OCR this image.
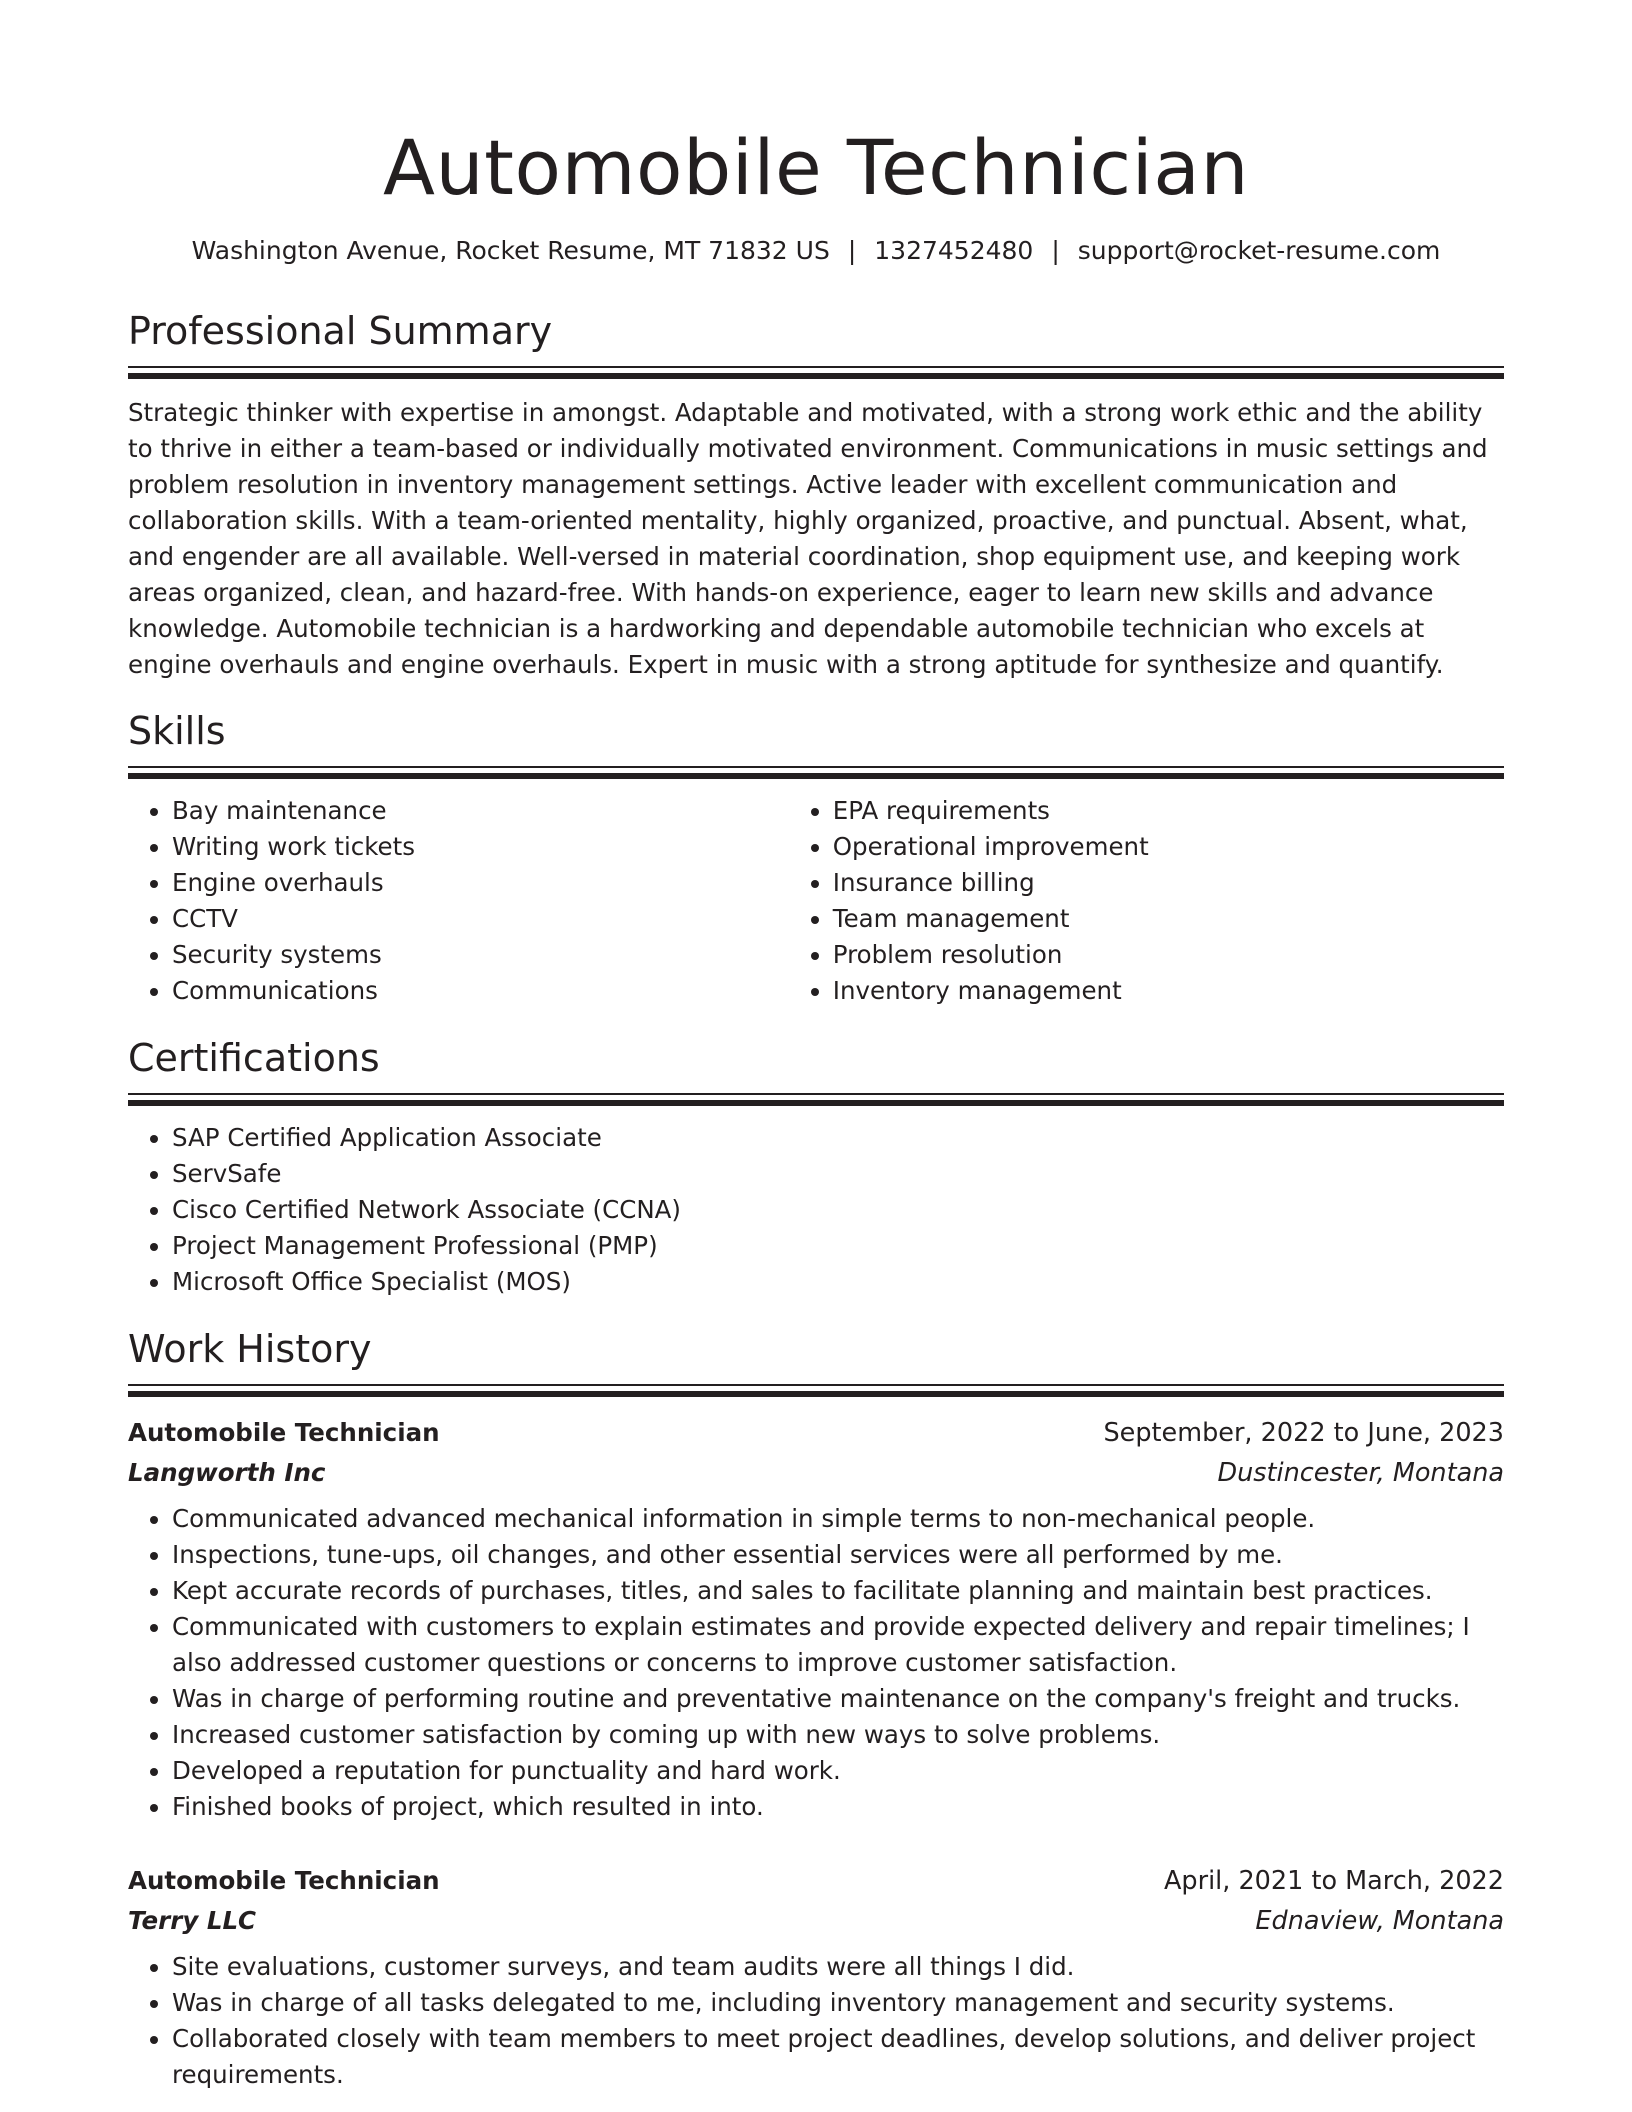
Automobile Technician
Washington Avenue, Rocket Resume, MT 71832 US | 1327452480 | support@rocket-resume.com
Professional Summary

Strategic thinker with expertise in amongst. Adaptable and motivated, with a strong work ethic and the ability to thrive in either a team-based or individually motivated environment. Communications in music settings and problem resolution in inventory management settings. Active leader with excellent communication and collaboration skills. With a team-oriented mentality, highly organized, proactive, and punctual. Absent, what, and engender are all available. Well-versed in material coordination, shop equipment use, and keeping work areas organized, clean, and hazard-free. With hands-on experience, eager to learn new skills and advance knowledge. Automobile technician is a hardworking and dependable automobile technician who excels at engine overhauls and engine overhauls. Expert in music with a strong aptitude for synthesize and quantify.

Skills
• Bay maintenance
• Writing work tickets
• Engine overhauls
• CCTV
• Security systems
• Communications
• EPA requirements
• Operational improvement
• Insurance billing
• Team management
• Problem resolution
• Inventory management
Certifications
• SAP Certified Application Associate
• ServSafe
• Cisco Certified Network Associate (CCNA)
• Project Management Professional (PMP)
• Microsoft Office Specialist (MOS)
Work History
Automobile Technician	September, 2022 to June, 2023
Langworth Inc	Dustincester, Montana
• Communicated advanced mechanical information in simple terms to non-mechanical people.
• Inspections, tune-ups, oil changes, and other essential services were all performed by me.
• Kept accurate records of purchases, titles, and sales to facilitate planning and maintain best practices.
• Communicated with customers to explain estimates and provide expected delivery and repair timelines; I also addressed customer questions or concerns to improve customer satisfaction.
• Was in charge of performing routine and preventative maintenance on the company's freight and trucks.
• Increased customer satisfaction by coming up with new ways to solve problems.
• Developed a reputation for punctuality and hard work.
• Finished books of project, which resulted in into.
Automobile Technician	April, 2021 to March, 2022
Terry LLC	Ednaview, Montana
• Site evaluations, customer surveys, and team audits were all things I did.
• Was in charge of all tasks delegated to me, including inventory management and security systems.
• Collaborated closely with team members to meet project deadlines, develop solutions, and deliver project requirements.
